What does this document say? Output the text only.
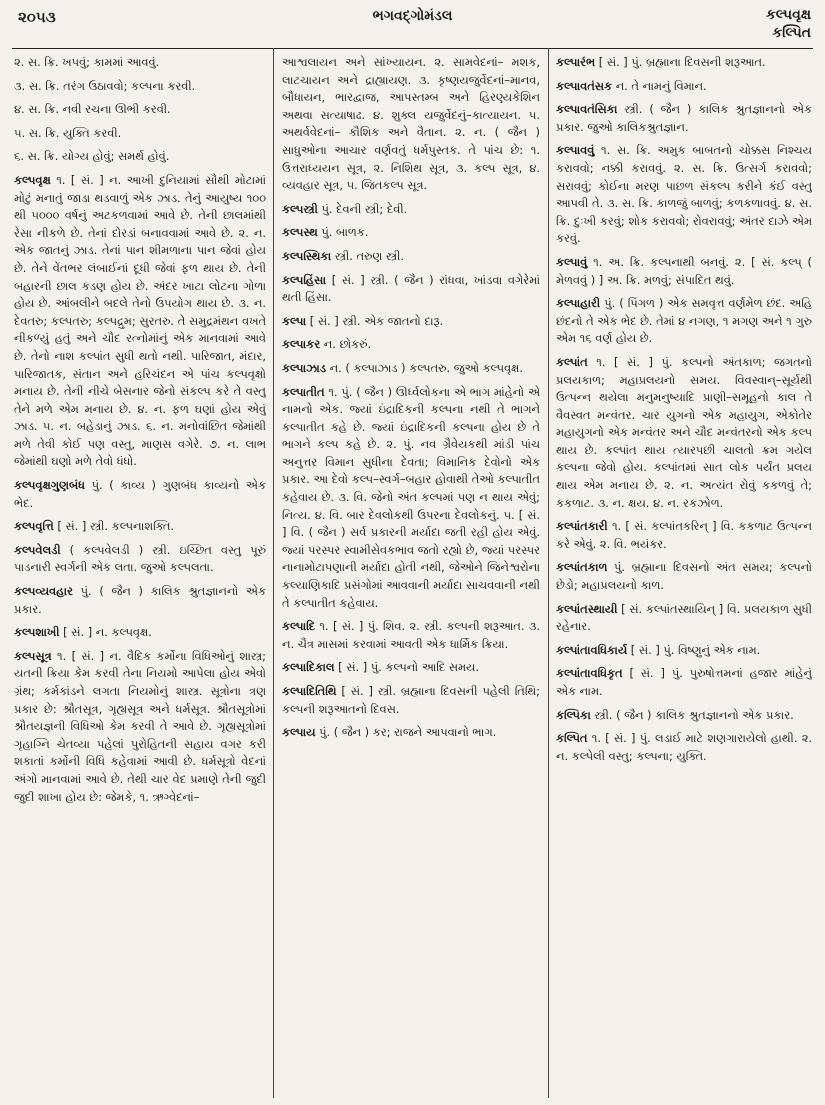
૨૦૫૩	ભગવદ્ગોમંડલ	કલ્પવૃક્ષ
કલ્પિત
૨. સ. ક્રિ. ખપવું; કામમાં આવવું.
૩. સ. ક્રિ. તરંગ ઉઠાવવો; કલ્પના કરવી.
૪. સ. ક્રિ. નવી રચના ઊભી કરવી.
૫. સ. ક્રિ. યુક્તિ કરવી.
૬. સ. ક્રિ. યોગ્ય હોવું; સમર્થ હોવું.
કલ્પવૃક્ષ ૧. [ સં. ] ન. આખી દુનિયામાં સૌથી મોટામાં મોટું મનાતું જાડા થડવાળું એક ઝાડ. તેનું આયુષ્ય ૧૦૦ થી ૫૦૦૦ વર્ષનું અટકળવામાં આવે છે. તેની છાલમાંથી રેસા નીકળે છે. તેનાં દોરડાં બનાવવામાં આવે છે. ૨. ન. એક જાતનું ઝાડ. તેનાં પાન શીમળાના પાન જેવાં હોય છે. તેને વેંતભર લંબાઈનાં દૂધી જેવાં ફળ થાય છે. તેની બહારની છાલ કડણ હોય છે. અંદર ખાટા લોટના ગોળા હોય છે. આંબલીને બદલે તેનો ઉપયોગ થાય છે. ૩. ન. દેવતરુ; કલ્પતરુ; કલ્પદ્રુમ; સુરતરુ. તે સમુદ્રમંથન વખતે નીકળ્યું હતું અને ચૌદ રત્નોમાંનું એક માનવામાં આવે છે. તેનો નાશ કલ્પાંત સુધી થતો નથી. પારિજાત, મંદાર, પારિજાતક, સંતાન અને હરિચંદન એ પાંચ કલ્પવૃક્ષો મનાય છે. તેની નીચે બેસનાર જેનો સંકલ્પ કરે તે વસ્તુ તેને મળે એમ મનાય છે. ૪. ન. ફળ ઘણાં હોય એવું ઝાડ. ૫. ન. બહેડાનું ઝાડ. ૬. ન. મનોવાંછિત જેમાંથી મળે તેવી કોઈ પણ વસ્તુ, માણસ વગેરે. ૭. ન. લાભ જેમાંથી ઘણો મળે તેવો ધંધો.
કલ્પવૃક્ષગુણબંધ પું. ( કાવ્ય ) ગુણબંધ કાવ્યનો એક ભેદ.
કલ્પવૃત્તિ [ સં. ] સ્ત્રી. કલ્પનાશક્તિ.
કલ્પવેલડી ( કલ્પવેલડી ) સ્ત્રી. ઇચ્છિત વસ્તુ પૂરું પાડનારી સ્વર્ગની એક લતા. જુઓ કલ્પલતા.
કલ્પવ્યવહાર પું. ( જૈન ) કાલિક શ્રુતજ્ઞાનનો એક પ્રકાર.
કલ્પશાખી [ સં. ] ન. કલ્પવૃક્ષ.
કલ્પસૂત્ર ૧. [ સં. ] ન. વૈદિક કર્મોના વિધિઓનું શાસ્ત્ર; યતની ક્રિયા કેમ કરવી તેના નિયમો આપેલા હોય એવો ગ્રંથ; કર્મકાંડને લગતા નિયમોનું શાસ્ત્ર. સૂત્રોના ત્રણ પ્રકાર છે: શ્રૌતસૂત્ર, ગૃહ્યસૂત્ર અને ધર્મસૂત્ર. શ્રૌતસૂત્રોમાં શ્રૌતયજ્ઞની વિધિઓ કેમ કરવી તે આવે છે. ગૃહ્યસૂત્રોમાં ગૃહાગ્નિ ચેતવ્યા પહેલાં પુરોહિતની સહાય વગર કરી શકાતાં કર્મોની વિધિ કહેવામાં આવી છે. ધર્મસૂત્રો વેદનાં અંગો માનવામાં આવે છે. તેથી ચાર વેદ પ્રમાણે તેની જુદી જુદી શાખા હોય છે: જેમકે, ૧. ઋગ્વેદનાં–
આશ્વલાયન અને સાંખ્યાયન. ૨. સામવેદનાં– મશક, લાટચાયન અને દ્રાહ્યાયણ. ૩. કૃષ્ણયજુર્વેદનાં–માનવ, બૌધાયન, ભારદ્વાજ, આપસ્તમ્બ અને હિરણ્યકેશિન અથવા સત્યાષાઢ. ૪. શુક્લ યજુર્વેદનું–કાત્યાયન. ૫. અથર્વવેદનાં– કૌશિક અને વૈતાન. ૨. ન. ( જૈન ) સાધુઓના આચાર વર્ણવતું ધર્મપુસ્તક. તે પાંચ છે: ૧. ઉત્તરાધ્યયન સૂત્ર, ૨. નિશિથ સૂત્ર, ૩. કલ્પ સૂત્ર, ૪. વ્યવહાર સૂત્ર, ૫. જિતકલ્પ સૂત્ર.
કલ્પસ્ત્રી પું. દેવની સ્ત્રી; દેવી.
કલ્પસ્થ પું. બાળક.
કલ્પસ્થિકા સ્ત્રી. તરુણ સ્ત્રી.
કલ્પહિંસા [ સં. ] સ્ત્રી. ( જૈન ) રાંધવા, ખાંડવા વગેરેમાં થતી હિંસા.
કલ્પા [ સં. ] સ્ત્રી. એક જાતનો દારૂ.
કલ્પાકર ન. છોકરું.
કલ્પાઝાડ ન. ( કલ્પાઝાડ ) કલ્પતરુ. જુઓ કલ્પવૃક્ષ.
કલ્પાતીત ૧. પું. ( જૈન ) ઊર્ધ્વલોકના એ ભાગ માંહેનો એ નામનો એક. જ્યાં ઇંદ્રાદિકની કલ્પના નથી તે ભાગને કલ્પાતીત કહે છે. જ્યાં ઇંદ્રાદિકની કલ્પના હોય છે તે ભાગને કલ્પ કહે છે. ૨. પું. નવ ગ્રૈવેયકથી માંડી પાંચ અનુત્તર વિમાન સુધીના દેવતા; વિમાનિક દેવોનો એક પ્રકાર. આ દેવો કલ્પ–સ્વર્ગ–બહાર હોવાથી તેઓ કલ્પાતીત કહેવાય છે. ૩. વિ. જેનો અંત કલ્પમાં પણ ન થાય એવું; નિત્ય. ૪. વિ. બાર દેવલોકથી ઉપરના દેવલોકનું. ૫. [ સં. ] વિ. ( જૈન ) સર્વ પ્રકારની મર્યાદા જતી રહી હોય એવું. જ્યાં પરસ્પર સ્વામીસેવકભાવ જતો રહ્યો છે, જ્યાં પરસ્પર નાનામોટાપણાની મર્યાદા હોતી નથી, જેઓને જિનેશ્વરોના કલ્યાણિકાદિ પ્રસંગોમાં આવવાની મર્યાદા સાચવવાની નથી તે કલ્પાતીત કહેવાય.
કલ્પાદિ ૧. [ સં. ] પું. શિવ. ૨. સ્ત્રી. કલ્પની શરૂઆત. ૩. ન. ચૈત્ર માસમાં કરવામાં આવતી એક ધાર્મિક ક્રિયા.
કલ્પાદિકાલ [ સં. ] પું. કલ્પનો આદિ સમય.
કલ્પાદિતિથિ [ સં. ] સ્ત્રી. બ્રહ્માના દિવસની પહેલી તિથિ; કલ્પની શરૂઆતનો દિવસ.
કલ્પાય પું. ( જૈન ) કર; રાજને આપવાનો ભાગ.
કલ્પારંભ [ સં. ] પું. બ્રહ્માના દિવસની શરૂઆત.
કલ્પાવતંસક ન. તે નામનું વિમાન.
કલ્પાવતંસિકા સ્ત્રી. ( જૈન ) કાલિક શ્રુતજ્ઞાનનો એક પ્રકાર. જુઓ કાલિકશ્રુતજ્ઞાન.
કલ્પાવવું ૧. સ. ક્રિ. અમુક બાબતનો ચોક્કસ નિશ્ચય કરાવવો; નક્કી કરાવવું. ૨. સ. ક્રિ. ઉત્સર્ગ કરાવવો; સરાવવું; કોઈના મરણ પાછળ સંકલ્પ કરીને કંઈ વસ્તુ આપવી તે. ૩. સ. ક્રિ. કાળજું બાળવું; કળકળાવવું. ૪. સ. ક્રિ. દુઃખી કરવું; શોક કરાવવો; રોવરાવવું; અંતર દાઝે એમ કરવું.
કલ્પાવું ૧. અ. ક્રિ. કલ્પનાથી બનવું. ૨. [ સં. કલ્પ્ ( મેળવવું ) ] અ. ક્રિ. મળવું; સંપાદિત થવું.
કલ્પાહારી પું. ( પિંગળ ) એક સમવૃત્ત વર્ણમેળ છંદ. અહિ છંદનો તે એક ભેદ છે. તેમાં ૪ નગણ, ૧ મગણ અને ૧ ગુરુ એમ ૧૬ વર્ણ હોય છે.
કલ્પાંત ૧. [ સં. ] પું. કલ્પનો અંતકાળ; જગતનો પ્રલયકાળ; મહાપ્રલયનો સમય. વિવસ્વાન્–સૂર્યથી ઉત્પન્ન થયેલા મનુમનુષ્યાદિ પ્રાણી–સમૂહનો કાલ તે વૈવસ્વત મન્વંતર. ચાર યુગનો એક મહાયુગ, એકોતેર મહાયુગનો એક મન્વંતર અને ચૌદ મન્વંતરનો એક કલ્પ થાય છે. કલ્પાંત થાય ત્યારપછી ચાલતો ક્રમ ગયેલ કલ્પના જેવો હોય. કલ્પાંતમાં સાત લોક પર્યંત પ્રલય થાય એમ મનાય છે. ૨. ન. અત્યંત રોવું કકળવું તે; કકળાટ. ૩. ન. ક્ષય. ૪. ન. રકઝોળ.
કલ્પાંતકારી ૧. [ સં. કલ્પાંતકરિન્ ] વિ. કકળાટ ઉત્પન્ન કરે એવું. ૨. વિ. ભયંકર.
કલ્પાંતકાળ પું. બ્રહ્માના દિવસનો અંત સમય; કલ્પનો છેડો; મહાપ્રલયનો કાળ.
કલ્પાંતસ્થાયી [ સં. કલ્પાંતસ્થાયિન્ ] વિ. પ્રલયકાળ સુધી રહેનાર.
કલ્પાંતાવધિકાર્ય [ સં. ] પું. વિષ્ણુનું એક નામ.
કલ્પાંતાવધિકૃત [ સં. ] પું. પુરુષોત્તમનાં હજાર માંહેનું એક નામ.
કલ્પિકા સ્ત્રી. ( જૈન ) કાલિક શ્રુતજ્ઞાનનો એક પ્રકાર.
કલ્પિત ૧. [ સં. ] પું. લડાઈ માટે શણગારાયેલો હાથી. ૨. ન. કલ્પેલી વસ્તુ; કલ્પના; યુક્તિ.
